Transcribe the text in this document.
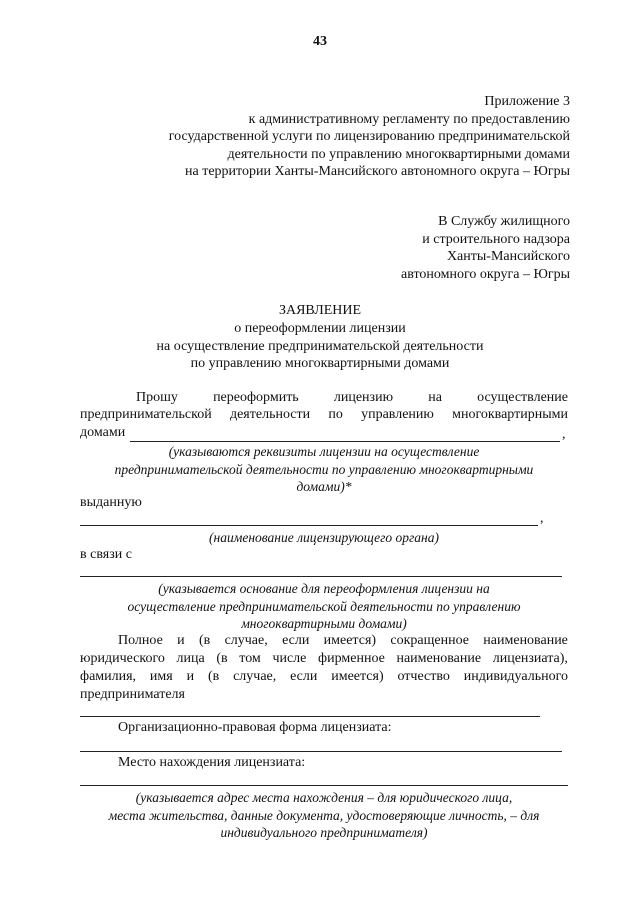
43
Приложение 3
к административному регламенту по предоставлению
государственной услуги по лицензированию предпринимательской
деятельности по управлению многоквартирными домами
на территории Ханты-Мансийского автономного округа – Югры
В Службу жилищного
и строительного надзора
Ханты-Мансийского
автономного округа – Югры
ЗАЯВЛЕНИЕ
о переоформлении лицензии
на осуществление предпринимательской деятельности
по управлению многоквартирными домами
Прошу	переоформить	лицензию	на	осуществление
предпринимательской деятельности по управлению многоквартирными
домами	,
(указываются реквизиты лицензии на осуществление
предпринимательской деятельности по управлению многоквартирными
домами)*
выданную
,
(наименование лицензирующего органа)
в связи с
(указывается основание для переоформления лицензии на
осуществление предпринимательской деятельности по управлению
многоквартирными домами)
Полное и (в случае, если имеется) сокращенное наименование
юридического лица (в том числе фирменное наименование лицензиата),
фамилия, имя и (в случае, если имеется) отчество индивидуального
предпринимателя
Организационно-правовая форма лицензиата:
Место нахождения лицензиата:
(указывается адрес места нахождения – для юридического лица,
места жительства, данные документа, удостоверяющие личность, – для
индивидуального предпринимателя)
